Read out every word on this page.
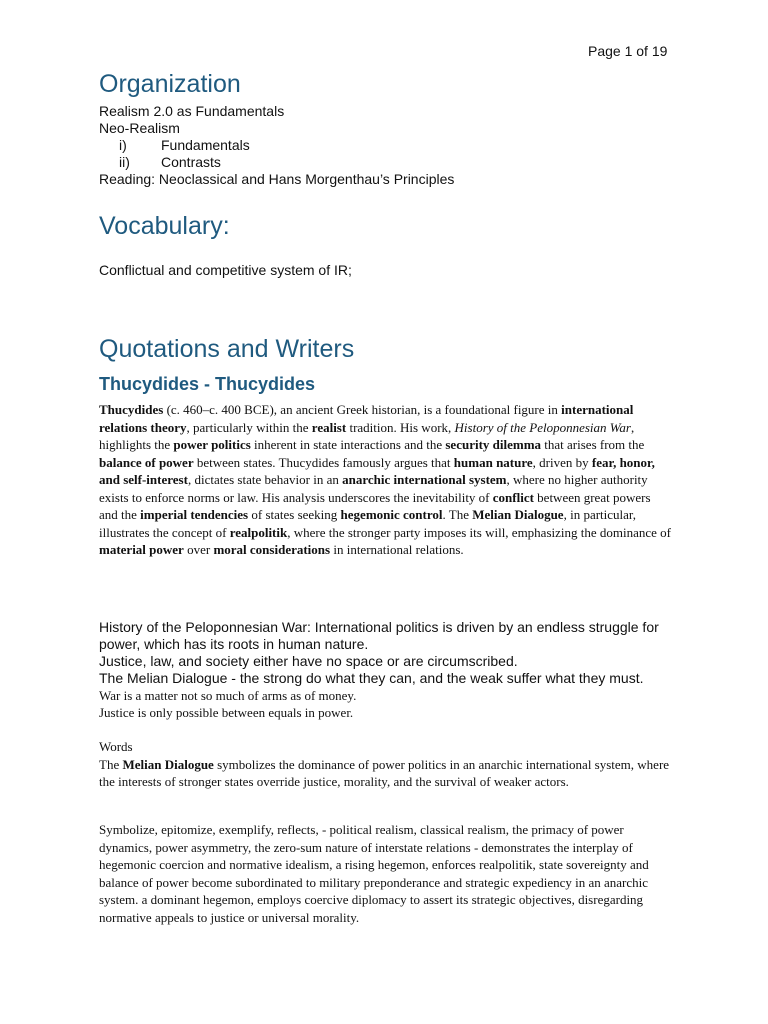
Page 1 of 19
Organization
Realism 2.0 as Fundamentals
Neo-Realism
i) Fundamentals
ii) Contrasts
Reading: Neoclassical and Hans Morgenthau’s Principles
Vocabulary:
Conflictual and competitive system of IR;
Quotations and Writers
Thucydides - Thucydides

Thucydides (c. 460–c. 400 BCE), an ancient Greek historian, is a foundational figure in international relations theory, particularly within the realist tradition. His work, History of the Peloponnesian War, highlights the power politics inherent in state interactions and the security dilemma that arises from the balance of power between states. Thucydides famously argues that human nature, driven by fear, honor, and self-interest, dictates state behavior in an anarchic international system, where no higher authority exists to enforce norms or law. His analysis underscores the inevitability of conflict between great powers and the imperial tendencies of states seeking hegemonic control. The Melian Dialogue, in particular, illustrates the concept of realpolitik, where the stronger party imposes its will, emphasizing the dominance of material power over moral considerations in international relations.

History of the Peloponnesian War: International politics is driven by an endless struggle for
power, which has its roots in human nature.
Justice, law, and society either have no space or are circumscribed.
The Melian Dialogue - the strong do what they can, and the weak suffer what they must.
War is a matter not so much of arms as of money.
Justice is only possible between equals in power.

Words

The Melian Dialogue symbolizes the dominance of power politics in an anarchic international system, where the interests of stronger states override justice, morality, and the survival of weaker actors.

Symbolize, epitomize, exemplify, reflects, - political realism, classical realism, the primacy of power dynamics, power asymmetry, the zero-sum nature of interstate relations - demonstrates the interplay of hegemonic coercion and normative idealism, a rising hegemon, enforces realpolitik, state sovereignty and balance of power become subordinated to military preponderance and strategic expediency in an anarchic system. a dominant hegemon, employs coercive diplomacy to assert its strategic objectives, disregarding normative appeals to justice or universal morality.
